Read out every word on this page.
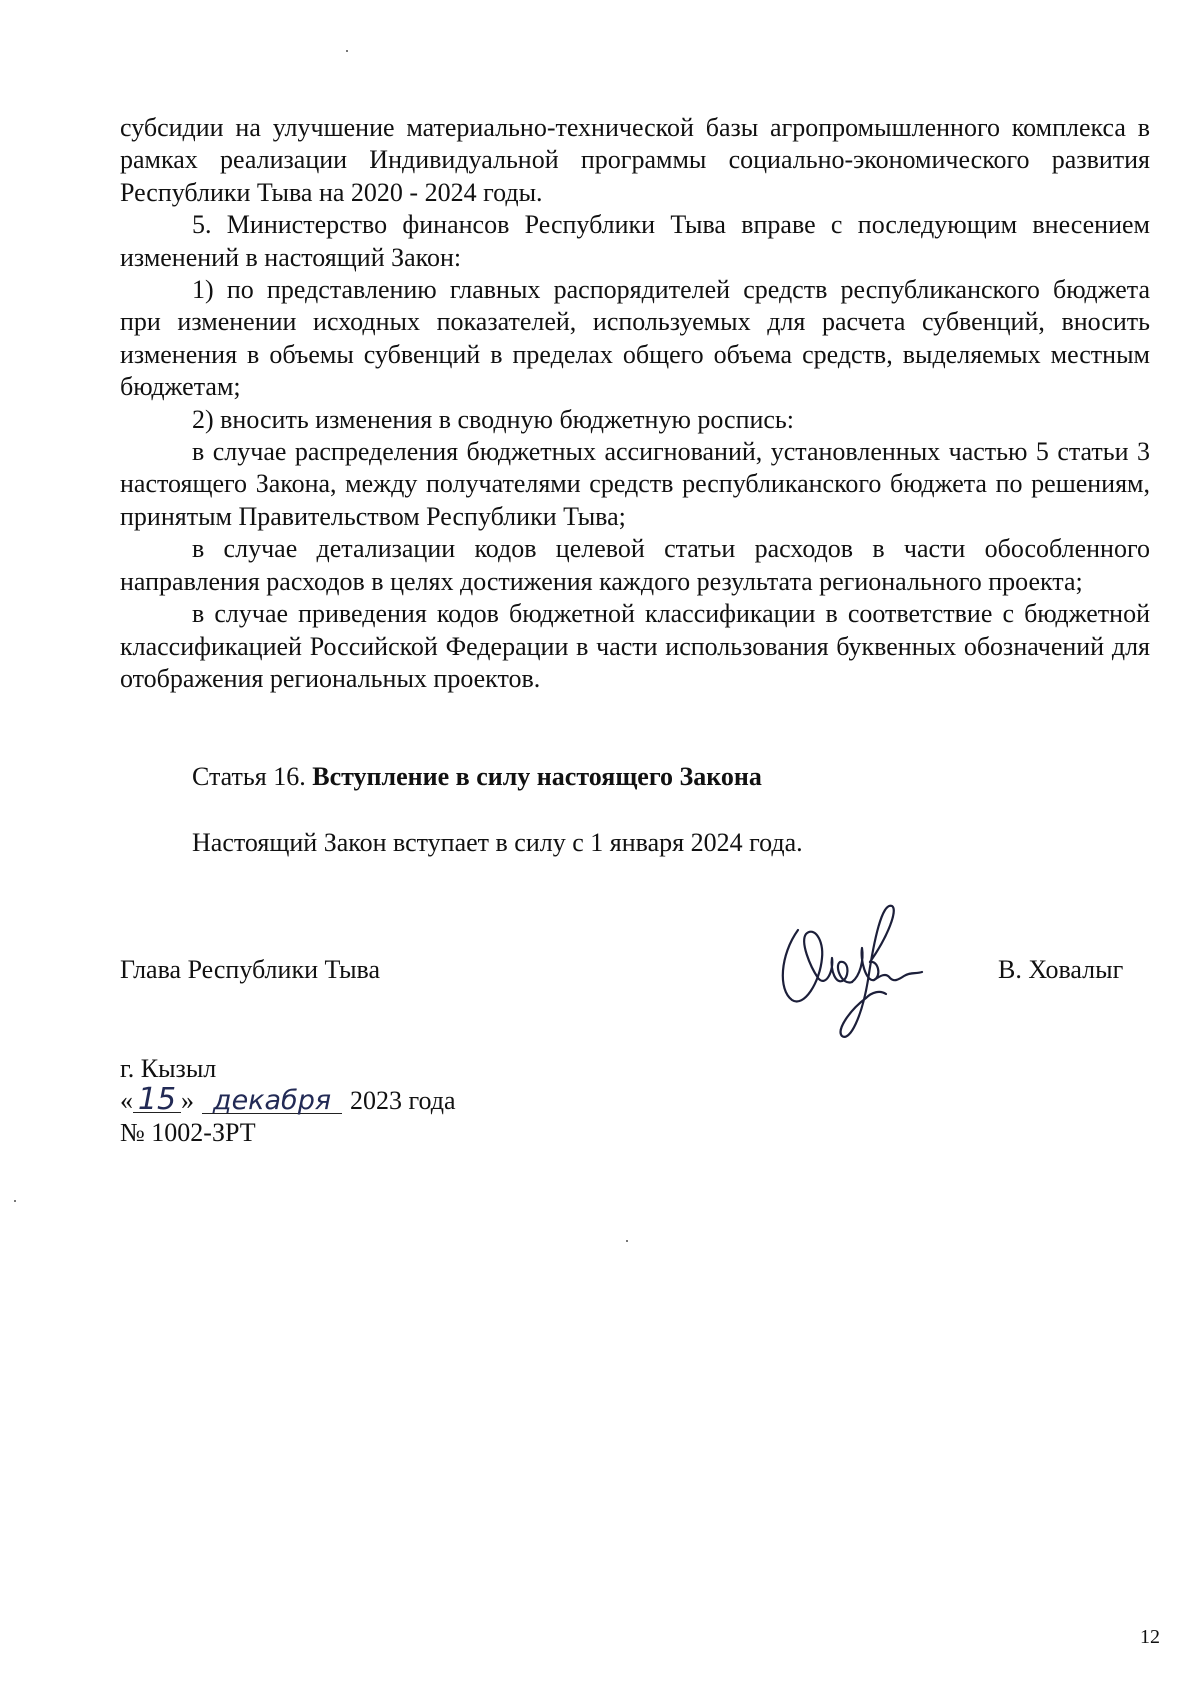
субсидии на улучшение материально-технической базы агропромышленного комплекса в рамках реализации Индивидуальной программы социально-экономического развития Республики Тыва на 2020 - 2024 годы.

5. Министерство финансов Республики Тыва вправе с последующим внесением изменений в настоящий Закон:

1) по представлению главных распорядителей средств республиканского бюджета при изменении исходных показателей, используемых для расчета субвенций, вносить изменения в объемы субвенций в пределах общего объема средств, выделяемых местным бюджетам;

2) вносить изменения в сводную бюджетную роспись:

в случае распределения бюджетных ассигнований, установленных частью 5 статьи 3 настоящего Закона, между получателями средств республиканского бюджета по решениям, принятым Правительством Республики Тыва;

в случае детализации кодов целевой статьи расходов в части обособленного направления расходов в целях достижения каждого результата регионального проекта;

в случае приведения кодов бюджетной классификации в соответствие с бюджетной классификацией Российской Федерации в части использования буквенных обозначений для отображения региональных проектов.

Статья 16. Вступление в силу настоящего Закона
Настоящий Закон вступает в силу с 1 января 2024 года.
Глава Республики Тыва	В. Ховалыг
г. Кызыл
« 15 » декабря 2023 года
№ 1002-ЗРТ
12
